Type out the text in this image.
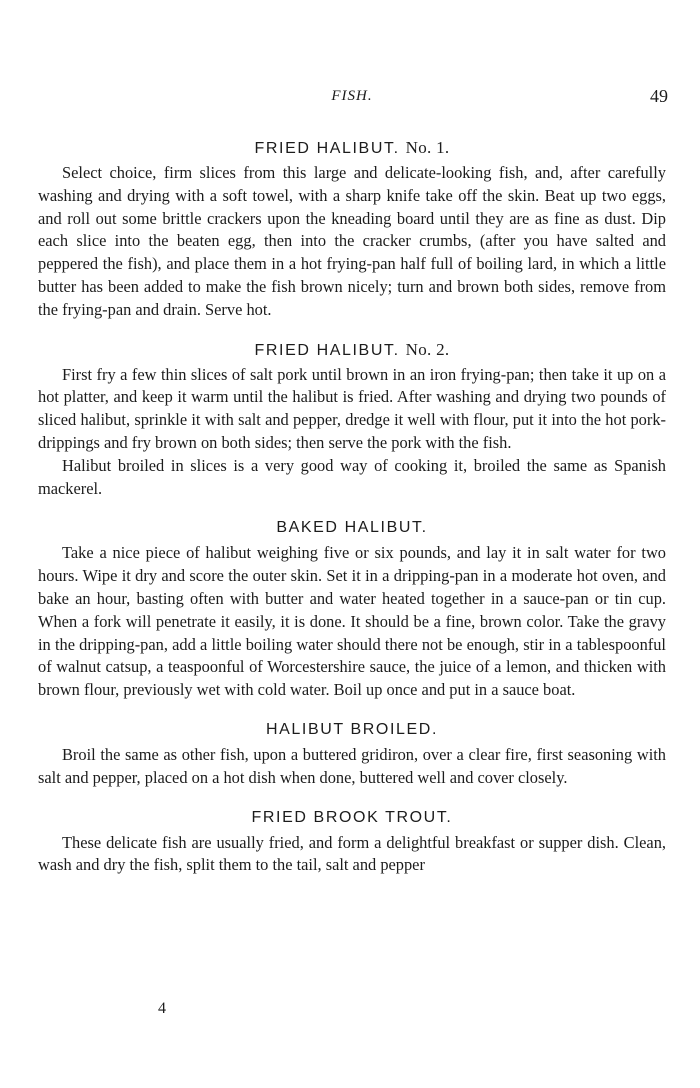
FISH.	49
FRIED HALIBUT. No. 1.

Select choice, firm slices from this large and delicate-looking fish, and, after carefully washing and drying with a soft towel, with a sharp knife take off the skin. Beat up two eggs, and roll out some brittle crackers upon the kneading board until they are as fine as dust. Dip each slice into the beaten egg, then into the cracker crumbs, (after you have salted and peppered the fish), and place them in a hot frying-pan half full of boiling lard, in which a little butter has been added to make the fish brown nicely; turn and brown both sides, remove from the frying-pan and drain. Serve hot.

FRIED HALIBUT. No. 2.

First fry a few thin slices of salt pork until brown in an iron frying-pan; then take it up on a hot platter, and keep it warm until the halibut is fried. After washing and drying two pounds of sliced halibut, sprinkle it with salt and pepper, dredge it well with flour, put it into the hot pork-drippings and fry brown on both sides; then serve the pork with the fish.

Halibut broiled in slices is a very good way of cooking it, broiled the same as Spanish mackerel.

BAKED HALIBUT.

Take a nice piece of halibut weighing five or six pounds, and lay it in salt water for two hours. Wipe it dry and score the outer skin. Set it in a dripping-pan in a moderate hot oven, and bake an hour, basting often with butter and water heated together in a sauce-pan or tin cup. When a fork will penetrate it easily, it is done. It should be a fine, brown color. Take the gravy in the dripping-pan, add a little boiling water should there not be enough, stir in a tablespoonful of walnut catsup, a teaspoonful of Worcestershire sauce, the juice of a lemon, and thicken with brown flour, previously wet with cold water. Boil up once and put in a sauce boat.

HALIBUT BROILED.

Broil the same as other fish, upon a buttered gridiron, over a clear fire, first seasoning with salt and pepper, placed on a hot dish when done, buttered well and cover closely.

FRIED BROOK TROUT.

These delicate fish are usually fried, and form a delightful breakfast or supper dish. Clean, wash and dry the fish, split them to the tail, salt and pepper

4
